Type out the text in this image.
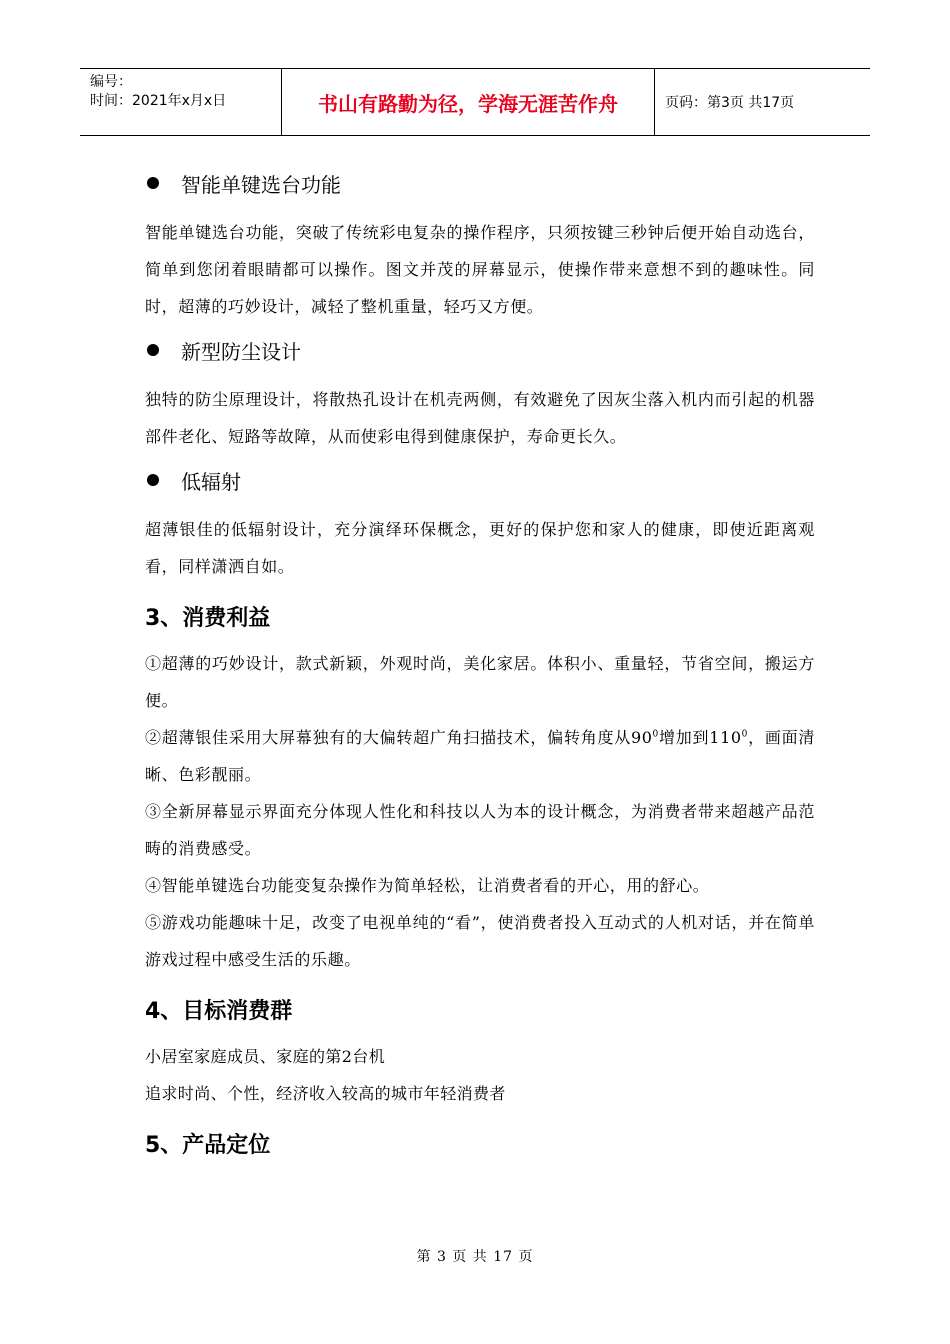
编号：
时间：2021年x月x日	书山有路勤为径，学海无涯苦作舟	页码：第3页 共17页
智能单键选台功能
智能单键选台功能，突破了传统彩电复杂的操作程序，只须按键三秒钟后便开始自动选台，简单到您闭着眼睛都可以操作。图文并茂的屏幕显示，使操作带来意想不到的趣味性。同时，超薄的巧妙设计，减轻了整机重量，轻巧又方便。
新型防尘设计
独特的防尘原理设计，将散热孔设计在机壳两侧，有效避免了因灰尘落入机内而引起的机器部件老化、短路等故障，从而使彩电得到健康保护，寿命更长久。
低辐射
超薄银佳的低辐射设计，充分演绎环保概念，更好的保护您和家人的健康，即使近距离观看，同样潇洒自如。
3、消费利益
①超薄的巧妙设计，款式新颖，外观时尚，美化家居。体积小、重量轻，节省空间，搬运方便。
②超薄银佳采用大屏幕独有的大偏转超广角扫描技术，偏转角度从$90^0$增加到$110^0$，画面清晰、色彩靓丽。
③全新屏幕显示界面充分体现人性化和科技以人为本的设计概念，为消费者带来超越产品范畴的消费感受。
④智能单键选台功能变复杂操作为简单轻松，让消费者看的开心，用的舒心。
⑤游戏功能趣味十足，改变了电视单纯的“看”，使消费者投入互动式的人机对话，并在简单游戏过程中感受生活的乐趣。
4、目标消费群
小居室家庭成员、家庭的第2台机
追求时尚、个性，经济收入较高的城市年轻消费者
5、产品定位
第 3 页 共 17 页
